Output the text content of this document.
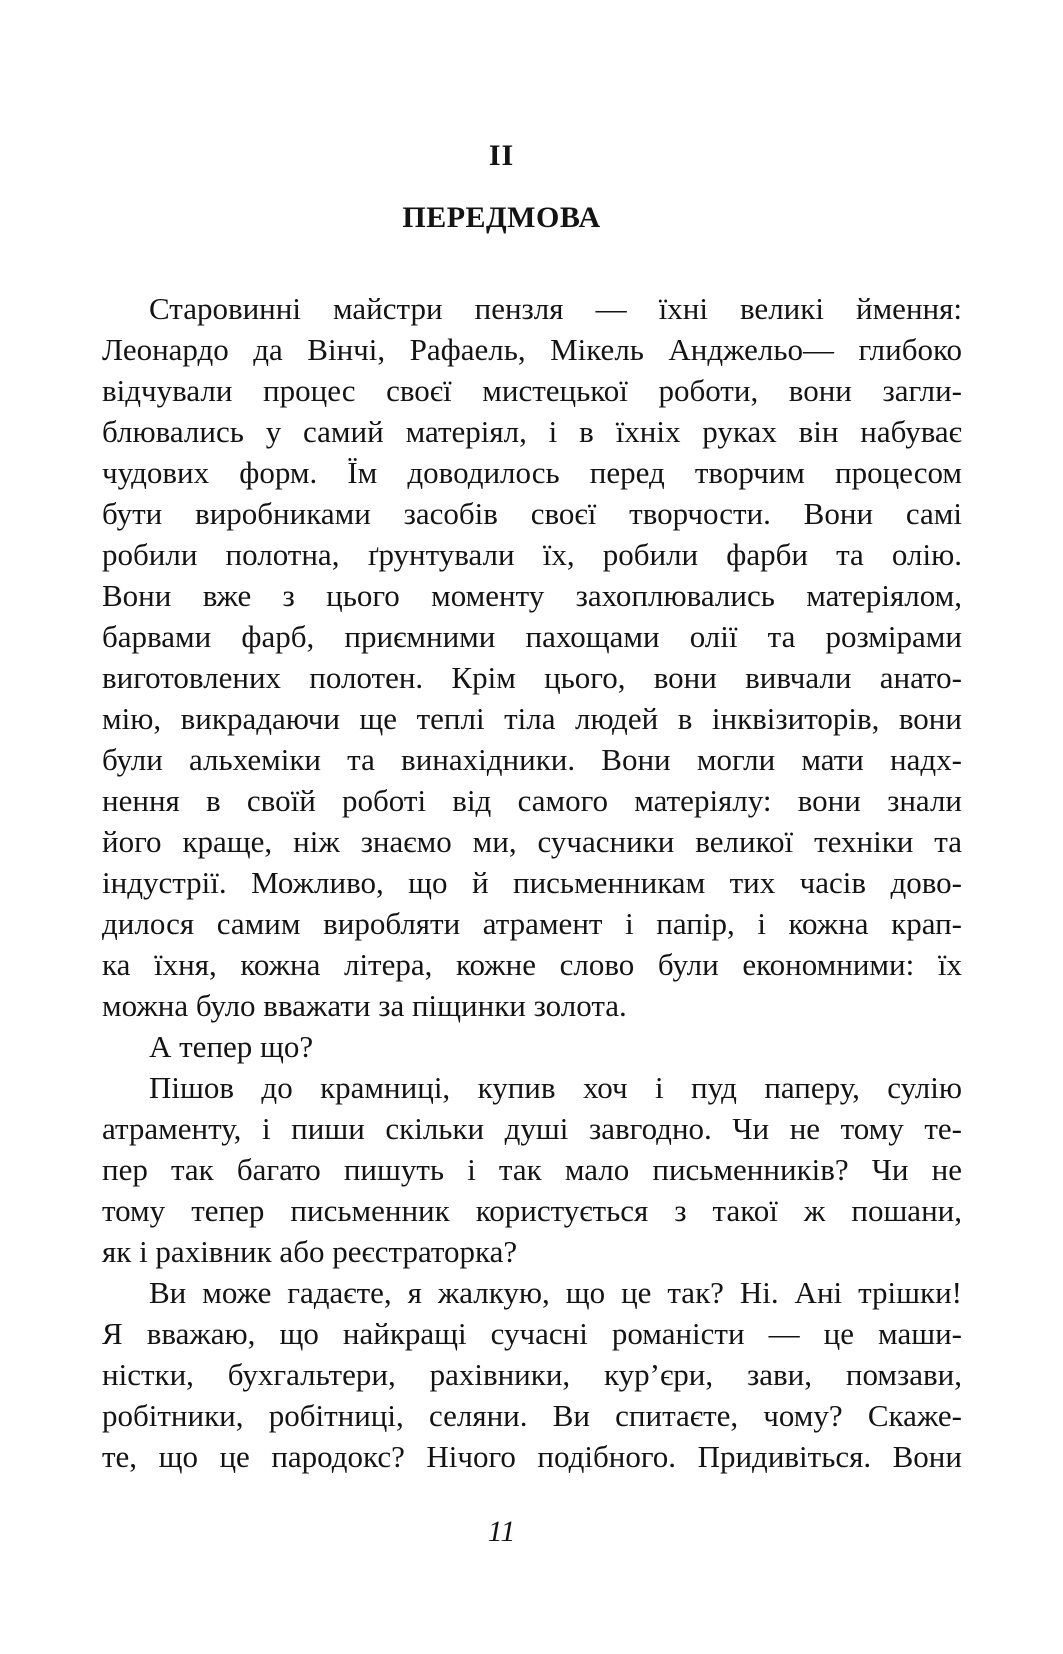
II
ПЕРЕДМОВА
Старовинні майстри пензля — їхні великі ймення:
Леонардо да Вінчі, Рафаель, Мікель Анджельо— глибоко
відчували процес своєї мистецької роботи, вони загли-
блювались у самий матеріял, і в їхніх руках він набуває
чудових форм. Їм доводилось перед творчим процесом
бути виробниками засобів своєї творчости. Вони самі
робили полотна, ґрунтували їх, робили фарби та олію.
Вони вже з цього моменту захоплювались матеріялом,
барвами фарб, приємними пахощами олії та розмірами
виготовлених полотен. Крім цього, вони вивчали анато-
мію, викрадаючи ще теплі тіла людей в інквізиторів, вони
були альхеміки та винахідники. Вони могли мати надх-
нення в своїй роботі від самого матеріялу: вони знали
його краще, ніж знаємо ми, сучасники великої техніки та
індустрії. Можливо, що й письменникам тих часів дово-
дилося самим виробляти атрамент і папір, і кожна крап-
ка їхня, кожна літера, кожне слово були економними: їх
можна було вважати за піщинки золота.
А тепер що?
Пішов до крамниці, купив хоч і пуд паперу, сулію
атраменту, і пиши скільки душі завгодно. Чи не тому те-
пер так багато пишуть і так мало письменників? Чи не
тому тепер письменник користується з такої ж пошани,
як і рахівник або реєстраторка?
Ви може гадаєте, я жалкую, що це так? Ні. Ані трішки!
Я вважаю, що найкращі сучасні романісти — це маши-
ністки, бухгальтери, рахівники, кур’єри, зави, помзави,
робітники, робітниці, селяни. Ви спитаєте, чому? Скаже-
те, що це пародокс? Нічого подібного. Придивіться. Вони
11
